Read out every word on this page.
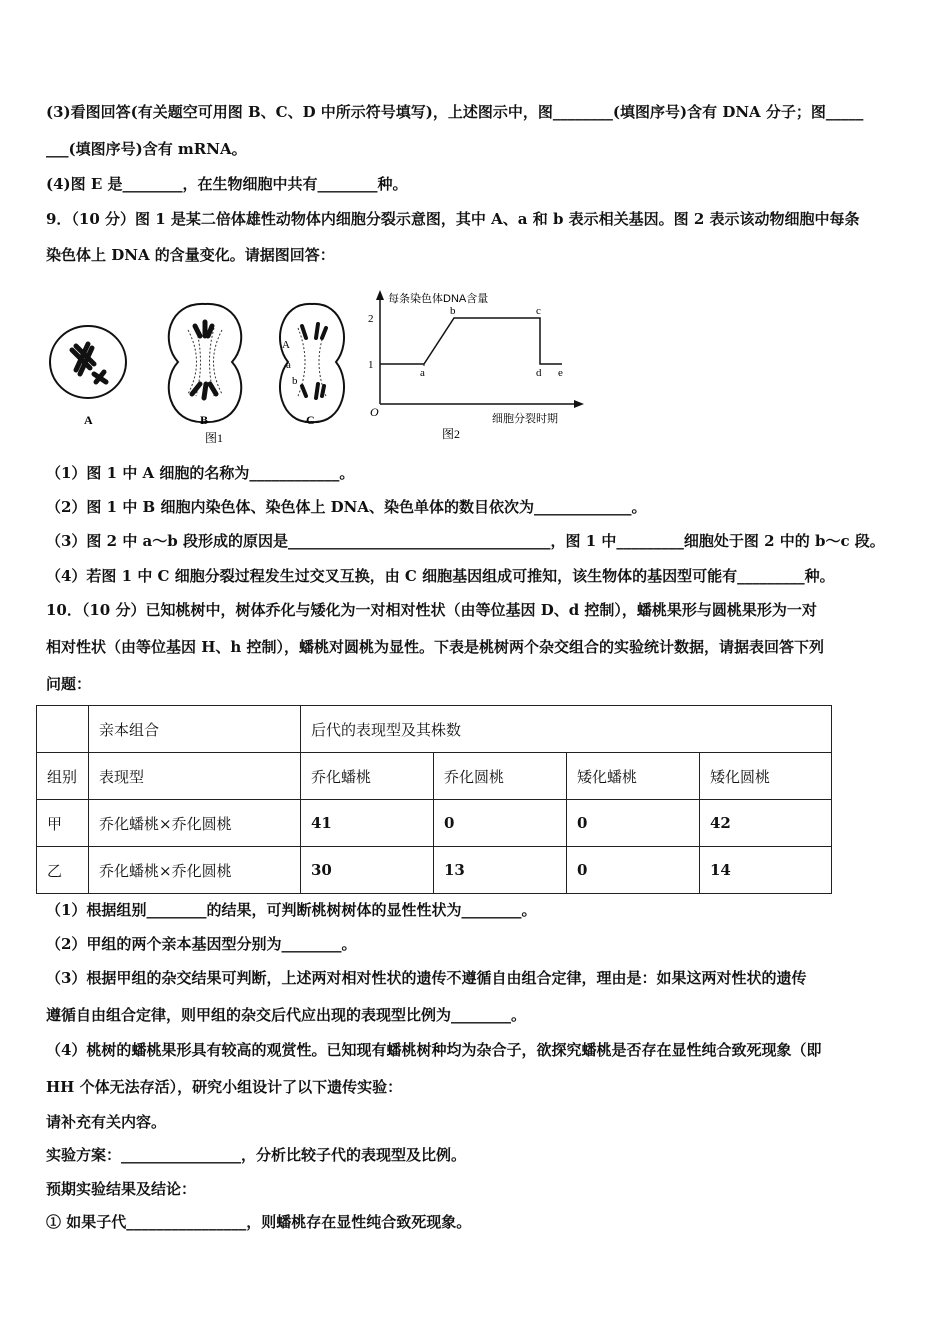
(3)看图回答(有关题空可用图 B、C、D 中所示符号填写)，上述图示中，图________(填图序号)含有 DNA 分子；图_____
___(填图序号)含有 mRNA。
(4)图 E 是________，在生物细胞中共有________种。
9．（10 分）图 1 是某二倍体雄性动物体内细胞分裂示意图，其中 A、a 和 b 表示相关基因。图 2 表示该动物细胞中每条
染色体上 DNA 的含量变化。请据图回答：
A
a
b
A	B	C
图1
每条染色体DNA含量
细胞分裂时期
O
1
2
a
b	c
d e
图2
（1）图 1 中 A 细胞的名称为____________。
（2）图 1 中 B 细胞内染色体、染色体上 DNA、染色单体的数目依次为_____________。
（3）图 2 中 a～b 段形成的原因是___________________________________，图 1 中_________细胞处于图 2 中的 b～c 段。
（4）若图 1 中 C 细胞分裂过程发生过交叉互换，由 C 细胞基因组成可推知，该生物体的基因型可能有_________种。
10．（10 分）已知桃树中，树体乔化与矮化为一对相对性状（由等位基因 D、d 控制），蟠桃果形与圆桃果形为一对
相对性状（由等位基因 H、h 控制），蟠桃对圆桃为显性。下表是桃树两个杂交组合的实验统计数据，请据表回答下列
问题：
	亲本组合	后代的表现型及其株数			
组别	表现型	乔化蟠桃	乔化圆桃	矮化蟠桃	矮化圆桃
甲	乔化蟠桃×乔化圆桃	41	0	0	42
乙	乔化蟠桃×乔化圆桃	30	13	0	14
（1）根据组别________的结果，可判断桃树树体的显性性状为________。
（2）甲组的两个亲本基因型分别为________。
（3）根据甲组的杂交结果可判断，上述两对相对性状的遗传不遵循自由组合定律，理由是：如果这两对性状的遗传
遵循自由组合定律，则甲组的杂交后代应出现的表现型比例为________。
（4）桃树的蟠桃果形具有较高的观赏性。已知现有蟠桃树种均为杂合子，欲探究蟠桃是否存在显性纯合致死现象（即
HH 个体无法存活），研究小组设计了以下遗传实验：
请补充有关内容。
实验方案：________________，分析比较子代的表现型及比例。
预期实验结果及结论：
① 如果子代________________，则蟠桃存在显性纯合致死现象。
